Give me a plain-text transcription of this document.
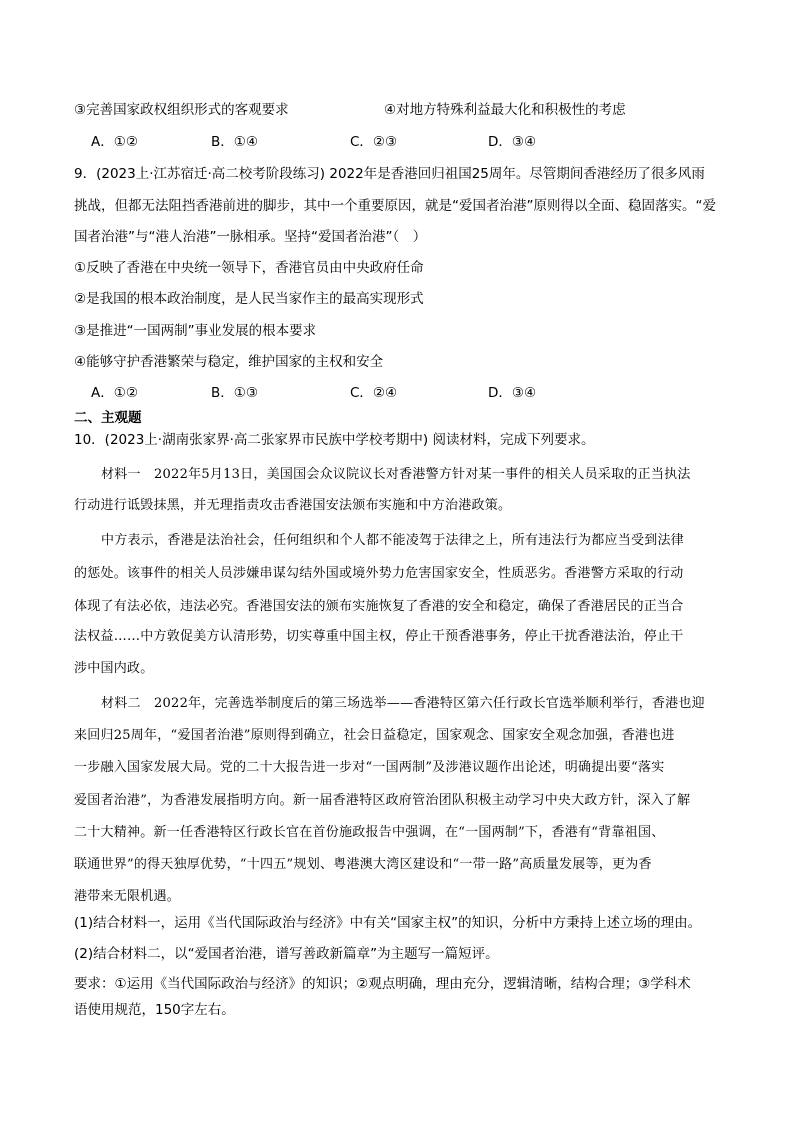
③完善国家政权组织形式的客观要求	④对地方特殊利益最大化和积极性的考虑
A．①②	B．①④	C．②③	D．③④
9．(2023上·江苏宿迁·高二校考阶段练习) 2022年是香港回归祖国25周年。尽管期间香港经历了很多风雨
挑战，但都无法阻挡香港前进的脚步，其中一个重要原因，就是“爱国者治港”原则得以全面、稳固落实。“爱
国者治港”与“港人治港”一脉相承。坚持“爱国者治港”（　）
①反映了香港在中央统一领导下，香港官员由中央政府任命
②是我国的根本政治制度，是人民当家作主的最高实现形式
③是推进“一国两制”事业发展的根本要求
④能够守护香港繁荣与稳定，维护国家的主权和安全
A．①②	B．①③	C．②④	D．③④
二、主观题
10．(2023上·湖南张家界·高二张家界市民族中学校考期中) 阅读材料，完成下列要求。
材料一　2022年5月13日，美国国会众议院议长对香港警方针对某一事件的相关人员采取的正当执法
行动进行诋毁抹黑，并无理指责攻击香港国安法颁布实施和中方治港政策。
中方表示，香港是法治社会，任何组织和个人都不能凌驾于法律之上，所有违法行为都应当受到法律
的惩处。该事件的相关人员涉嫌串谋勾结外国或境外势力危害国家安全，性质恶劣。香港警方采取的行动
体现了有法必依，违法必究。香港国安法的颁布实施恢复了香港的安全和稳定，确保了香港居民的正当合
法权益……中方敦促美方认清形势，切实尊重中国主权，停止干预香港事务，停止干扰香港法治，停止干
涉中国内政。
材料二　2022年，完善选举制度后的第三场选举——香港特区第六任行政长官选举顺利举行，香港也迎
来回归25周年，“爱国者治港”原则得到确立，社会日益稳定，国家观念、国家安全观念加强，香港也进
一步融入国家发展大局。党的二十大报告进一步对“一国两制”及涉港议题作出论述，明确提出要“落实
爱国者治港”，为香港发展指明方向。新一届香港特区政府管治团队积极主动学习中央大政方针，深入了解
二十大精神。新一任香港特区行政长官在首份施政报告中强调，在“一国两制”下，香港有“背靠祖国、
联通世界”的得天独厚优势，“十四五”规划、粤港澳大湾区建设和“一带一路”高质量发展等，更为香
港带来无限机遇。
(1)结合材料一，运用《当代国际政治与经济》中有关“国家主权”的知识，分析中方秉持上述立场的理由。
(2)结合材料二，以“爱国者治港，谱写善政新篇章”为主题写一篇短评。
要求：①运用《当代国际政治与经济》的知识；②观点明确，理由充分，逻辑清晰，结构合理；③学科术
语使用规范，150字左右。
